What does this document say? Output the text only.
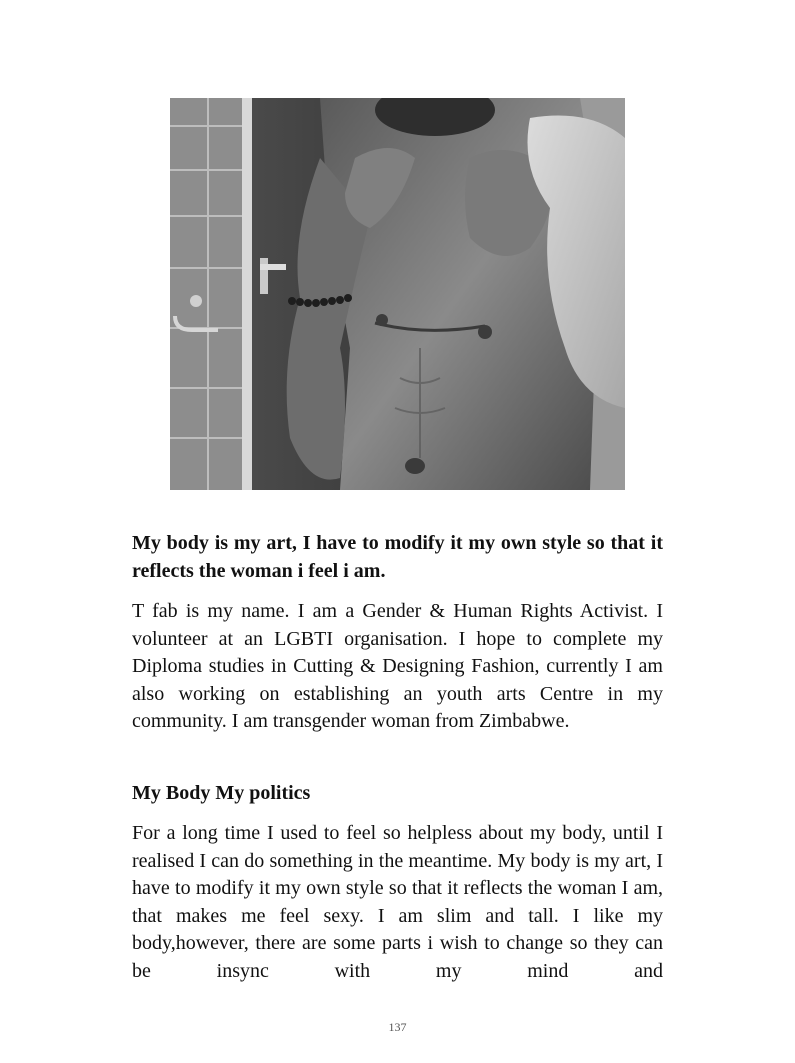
My body is my art, I have to modify it my own style so that it reflects the woman i feel i am.

T fab is my name. I am a Gender & Human Rights Activist. I volunteer at an LGBTI organisation. I hope to complete my Diploma studies in Cutting & Designing Fashion, currently I am also working on establishing an youth arts Centre in my community. I am transgender woman from Zimbabwe.

My Body My politics

For a long time I used to feel so helpless about my body, until I realised I can do something in the meantime. My body is my art, I have to modify it my own style so that it reflects the woman I am, that makes me feel sexy. I am slim and tall. I like my body,however, there are some parts i wish to change so they can be insync with my mind and

137
